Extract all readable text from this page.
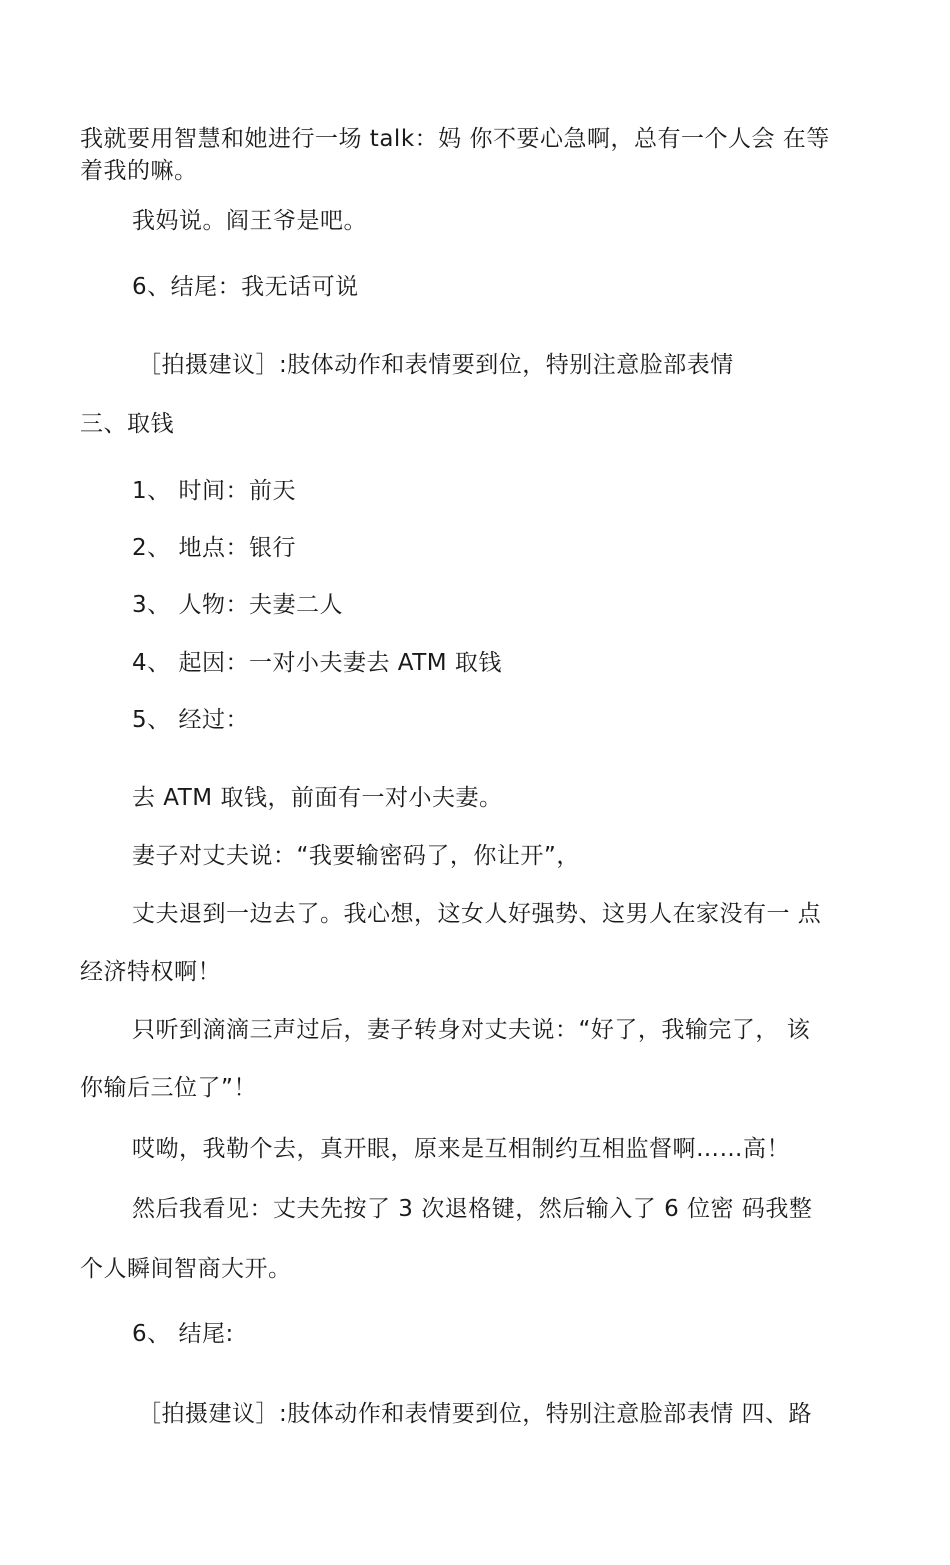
我就要用智慧和她进行一场 talk：妈 你不要心急啊，总有一个人会 在等
着我的嘛。
我妈说。阎王爷是吧。
6、结尾：我无话可说
［拍摄建议］:肢体动作和表情要到位，特别注意脸部表情
三、取钱
1、 时间：前天
2、 地点：银行
3、 人物：夫妻二人
4、 起因：一对小夫妻去 ATM 取钱
5、 经过：
去 ATM 取钱，前面有一对小夫妻。
妻子对丈夫说：“我要输密码了，你让开”，
丈夫退到一边去了。我心想，这女人好强势、这男人在家没有一 点
经济特权啊！
只听到滴滴三声过后，妻子转身对丈夫说：“好了，我输完了， 该
你输后三位了”！
哎呦，我勒个去，真开眼，原来是互相制约互相监督啊……高！
然后我看见：丈夫先按了 3 次退格键，然后输入了 6 位密 码我整
个人瞬间智商大开。
6、 结尾:
［拍摄建议］:肢体动作和表情要到位，特别注意脸部表情 四、路
